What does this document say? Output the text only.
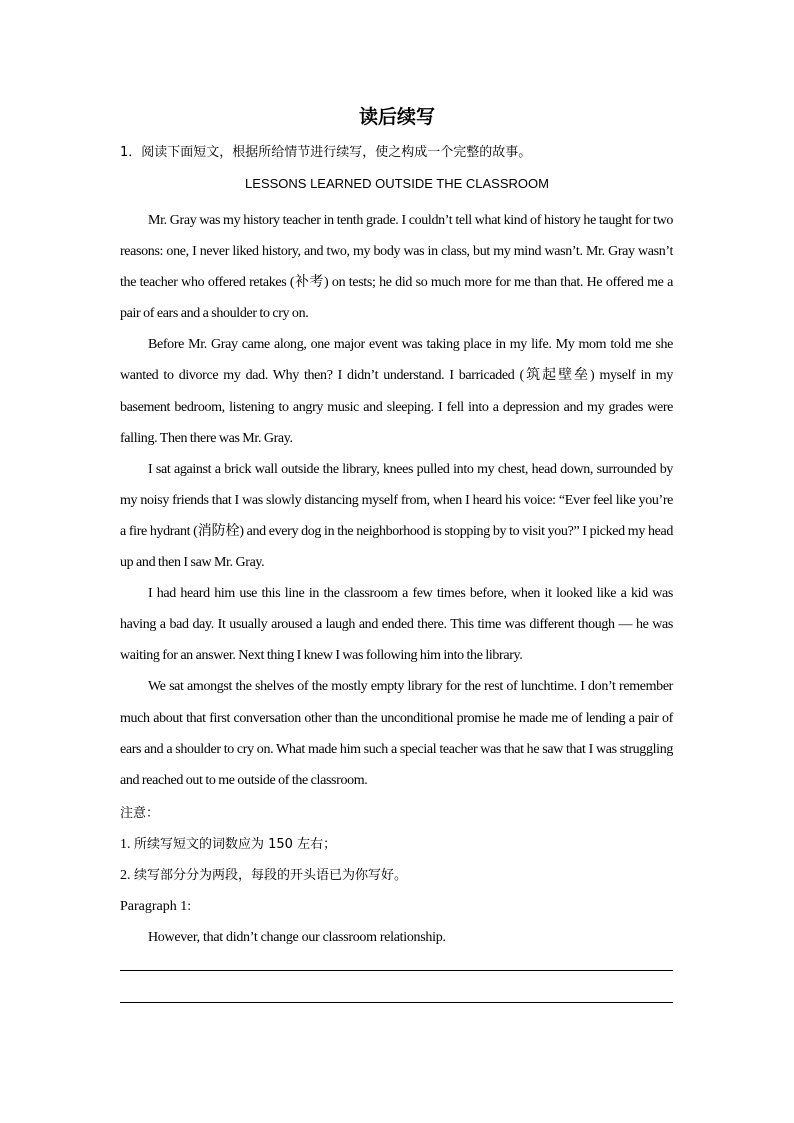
读后续写
1．阅读下面短文，根据所给情节进行续写，使之构成一个完整的故事。
LESSONS LEARNED OUTSIDE THE CLASSROOM

Mr. Gray was my history teacher in tenth grade. I couldn’t tell what kind of history he taught for two reasons: one, I never liked history, and two, my body was in class, but my mind wasn’t. Mr. Gray wasn’t the teacher who offered retakes (补考) on tests; he did so much more for me than that. He offered me a pair of ears and a shoulder to cry on.

Before Mr. Gray came along, one major event was taking place in my life. My mom told me she wanted to divorce my dad. Why then? I didn’t understand. I barricaded (筑起壁垒) myself in my basement bedroom, listening to angry music and sleeping. I fell into a depression and my grades were falling. Then there was Mr. Gray.

I sat against a brick wall outside the library, knees pulled into my chest, head down, surrounded by my noisy friends that I was slowly distancing myself from, when I heard his voice: “Ever feel like you’re a fire hydrant (消防栓) and every dog in the neighborhood is stopping by to visit you?” I picked my head up and then I saw Mr. Gray.

I had heard him use this line in the classroom a few times before, when it looked like a kid was having a bad day. It usually aroused a laugh and ended there. This time was different though — he was waiting for an answer. Next thing I knew I was following him into the library.

We sat amongst the shelves of the mostly empty library for the rest of lunchtime. I don’t remember much about that first conversation other than the unconditional promise he made me of lending a pair of ears and a shoulder to cry on. What made him such a special teacher was that he saw that I was struggling and reached out to me outside of the classroom.

注意：
1. 所续写短文的词数应为 150 左右；
2. 续写部分分为两段，每段的开头语已为你写好。
Paragraph 1:
However, that didn’t change our classroom relationship.
